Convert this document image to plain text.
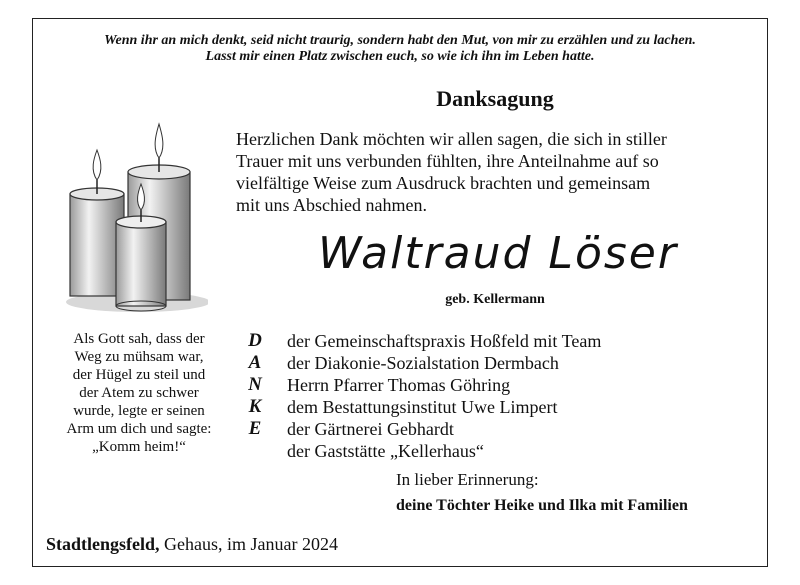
Wenn ihr an mich denkt, seid nicht traurig, sondern habt den Mut, von mir zu erzählen und zu lachen.
Lasst mir einen Platz zwischen euch, so wie ich ihn im Leben hatte.
Danksagung
Herzlichen Dank möchten wir allen sagen, die sich in stiller
Trauer mit uns verbunden fühlten, ihre Anteilnahme auf so
vielfältige Weise zum Ausdruck brachten und gemeinsam
mit uns Abschied nahmen.
Waltraud Löser
geb. Kellermann
Als Gott sah, dass der
Weg zu mühsam war,
der Hügel zu steil und
der Atem zu schwer
wurde, legte er seinen
Arm um dich und sagte:
„Komm heim!“
D
A
N
K
E
der Gemeinschaftspraxis Hoßfeld mit Team
der Diakonie-Sozialstation Dermbach
Herrn Pfarrer Thomas Göhring
dem Bestattungsinstitut Uwe Limpert
der Gärtnerei Gebhardt
der Gaststätte „Kellerhaus“
In lieber Erinnerung:
deine Töchter Heike und Ilka mit Familien
Stadtlengsfeld, Gehaus, im Januar 2024
